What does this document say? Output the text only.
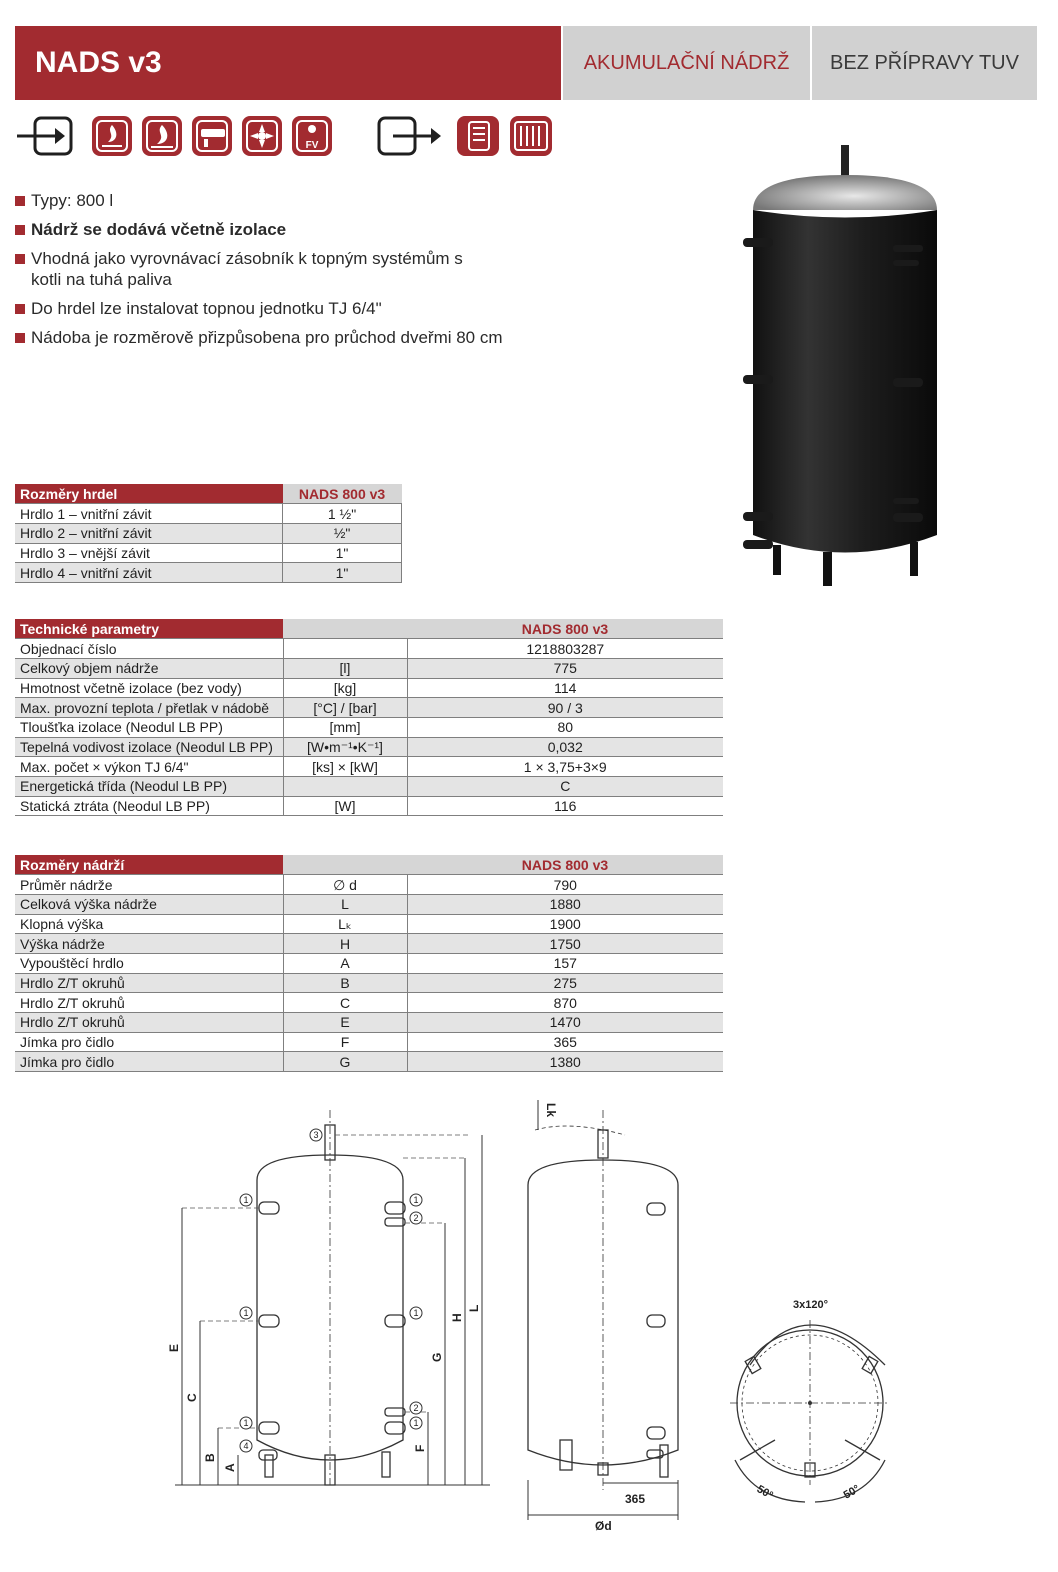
NADS v3	AKUMULAČNÍ NÁDRŽ	BEZ PŘÍPRAVY TUV
FV
Typy: 800 l
Nádrž se dodává včetně izolace
Vhodná jako vyrovnávací zásobník k topným systémům s kotli na tuhá paliva
Do hrdel lze instalovat topnou jednotku TJ 6/4"
Nádoba je rozměrově přizpůsobena pro průchod dveřmi 80 cm
Rozměry hrdel	NADS 800 v3
Hrdlo 1 – vnitřní závit	1 ½"
Hrdlo 2 – vnitřní závit	½"
Hrdlo 3 – vnější závit	1"
Hrdlo 4 – vnitřní závit	1"
Technické parametry		NADS 800 v3
Objednací číslo		1218803287
Celkový objem nádrže	[l]	775
Hmotnost včetně izolace (bez vody)	[kg]	114
Max. provozní teplota / přetlak v nádobě	[°C] / [bar]	90 / 3
Tloušťka izolace (Neodul LB PP)	[mm]	80
Tepelná vodivost izolace (Neodul LB PP)	[W•m⁻¹•K⁻¹]	0,032
Max. počet × výkon TJ 6/4"	[ks] × [kW]	1 × 3,75+3×9
Energetická třída (Neodul LB PP)		C
Statická ztráta (Neodul LB PP)	[W]	116
Rozměry nádrží		NADS 800 v3
Průměr nádrže	∅ d	790
Celková výška nádrže	L	1880
Klopná výška	Lₖ	1900
Výška nádrže	H	1750
Vypouštěcí hrdlo	A	157
Hrdlo Z/T okruhů	B	275
Hrdlo Z/T okruhů	C	870
Hrdlo Z/T okruhů	E	1470
Jímka pro čidlo	F	365
Jímka pro čidlo	G	1380
E
C
B
A
F
G
H
L
3
1	1
2
1	1
2
1	1
4
Lk
365
Ød
3x120°
50°	50°
